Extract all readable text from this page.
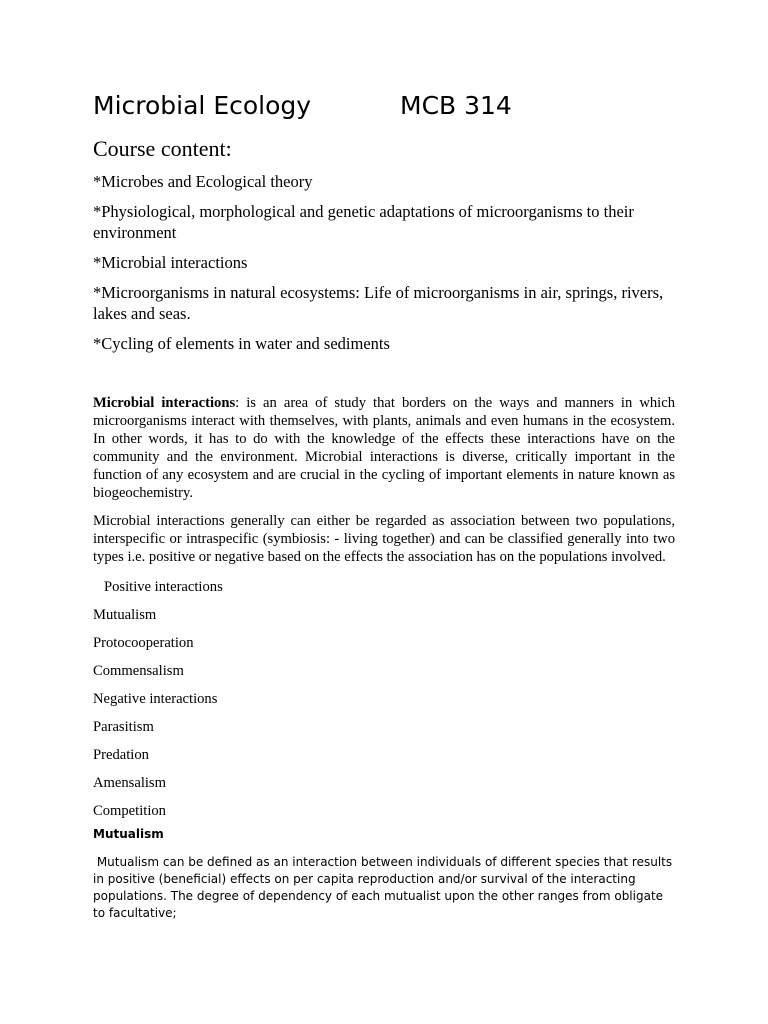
Microbial Ecology	MCB 314
Course content:
*Microbes and Ecological theory
*Physiological, morphological and genetic adaptations of microorganisms to their environment
*Microbial interactions
*Microorganisms in natural ecosystems: Life of microorganisms in air, springs, rivers, lakes and seas.
*Cycling of elements in water and sediments

Microbial interactions: is an area of study that borders on the ways and manners in which microorganisms interact with themselves, with plants, animals and even humans in the ecosystem. In other words, it has to do with the knowledge of the effects these interactions have on the community and the environment. Microbial interactions is diverse, critically important in the function of any ecosystem and are crucial in the cycling of important elements in nature known as biogeochemistry.

Microbial interactions generally can either be regarded as association between two populations, interspecific or intraspecific (symbiosis: - living together) and can be classified generally into two types i.e. positive or negative based on the effects the association has on the populations involved.

Positive interactions
Mutualism
Protocooperation
Commensalism
Negative interactions
Parasitism
Predation
Amensalism
Competition
Mutualism
Mutualism can be defined as an interaction between individuals of different species that results in positive (beneficial) effects on per capita reproduction and/or survival of the interacting populations. The degree of dependency of each mutualist upon the other ranges from obligate to facultative;
